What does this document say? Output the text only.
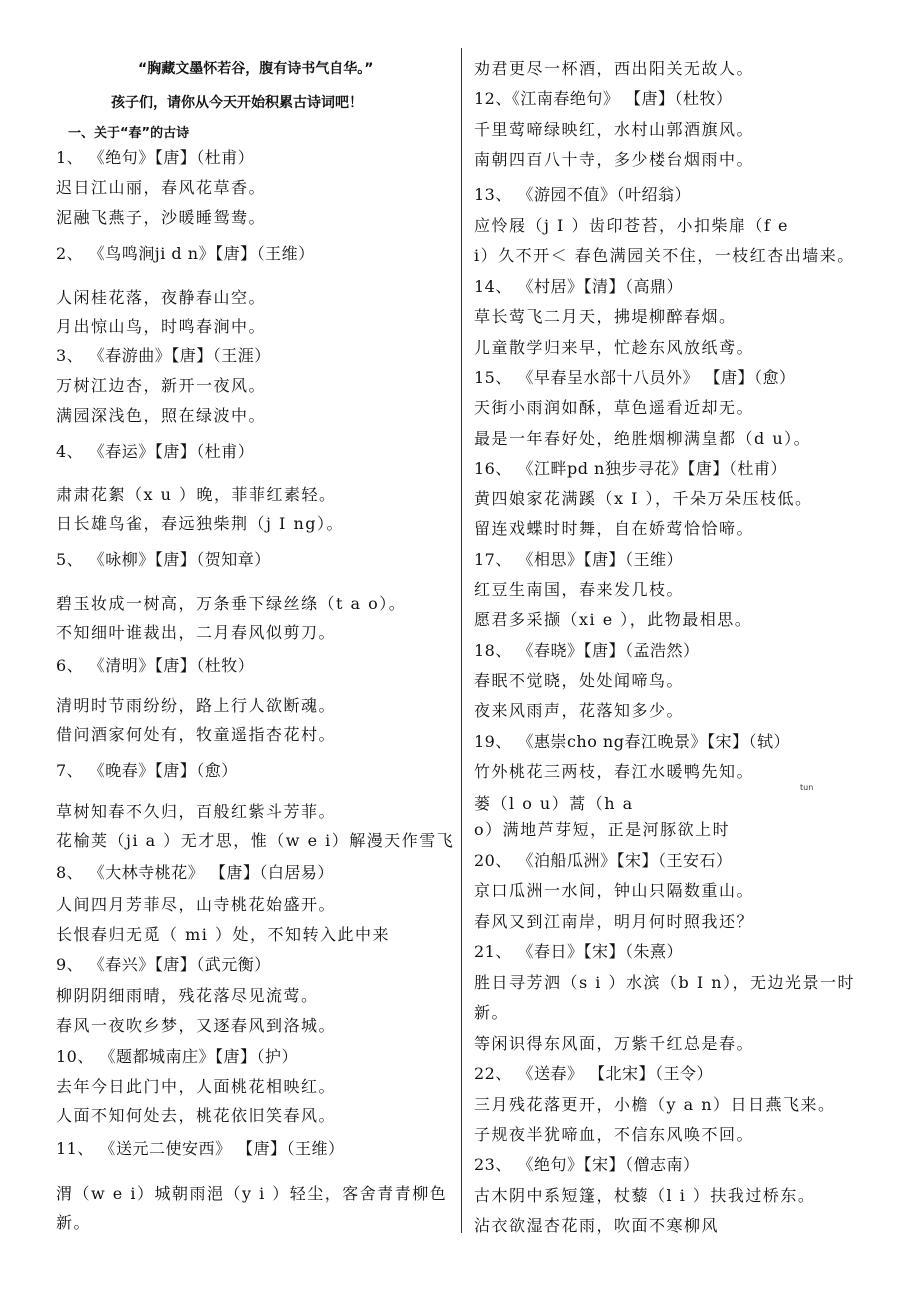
“胸藏文墨怀若谷，腹有诗书气自华。”
孩子们，请你从今天开始积累古诗词吧！
一、关于“春”的古诗
1、 《绝句》【唐】（杜甫）
迟日江山丽，春风花草香。
泥融飞燕子，沙暖睡鸳鸯。
2、 《鸟鸣涧ji d n》【唐】（王维）
人闲桂花落，夜静春山空。
月出惊山鸟，时鸣春涧中。
3、 《春游曲》【唐】（王涯）
万树江边杏，新开一夜风。
满园深浅色，照在绿波中。
4、 《春运》【唐】（杜甫）
肃肃花絮（x u ）晚，菲菲红素轻。
日长雄鸟雀，春远独柴荆（j I ng）。
5、 《咏柳》【唐】（贺知章）
碧玉妆成一树高，万条垂下绿丝绦（t a o）。
不知细叶谁裁出，二月春风似剪刀。
6、 《清明》【唐】（杜牧）
清明时节雨纷纷，路上行人欲断魂。
借问酒家何处有，牧童遥指杏花村。
7、 《晚春》【唐】（愈）
草树知春不久归，百般红紫斗芳菲。
花榆荚（ji a ）无才思，惟（w e i）解漫天作雪飞
8、 《大林寺桃花》 【唐】（白居易）
人间四月芳菲尽，山寺桃花始盛开。
长恨春归无觅（ mi ）处，不知转入此中来
9、 《春兴》【唐】（武元衡）
柳阴阴细雨晴，残花落尽见流莺。
春风一夜吹乡梦，又逐春风到洛城。
10、 《题都城南庄》【唐】（护）
去年今日此门中，人面桃花相映红。
人面不知何处去，桃花依旧笑春风。
11、 《送元二使安西》 【唐】（王维）
渭（w e i）城朝雨浥（y i ）轻尘，客舍青青柳色
新。
劝君更尽一杯酒，西出阳关无故人。
12、《江南春绝句》 【唐】（杜牧）
千里莺啼绿映红，水村山郭酒旗风。
南朝四百八十寺，多少楼台烟雨中。
13、 《游园不值》（叶绍翁）
应怜屐（j I ）齿印苍苔，小扣柴扉（f e
i）久不开＜ 春色满园关不住，一枝红杏出墙来。
14、 《村居》【清】（高鼎）
草长莺飞二月天，拂堤柳醉春烟。
儿童散学归来早，忙趁东风放纸鸢。
15、 《早春呈水部十八员外》 【唐】（愈）
天街小雨润如酥，草色遥看近却无。
最是一年春好处，绝胜烟柳满皇都（d u）。
16、 《江畔pd n独步寻花》【唐】（杜甫）
黄四娘家花满蹊（x I ），千朵万朵压枝低。
留连戏蝶时时舞，自在娇莺恰恰啼。
17、 《相思》【唐】（王维）
红豆生南国，春来发几枝。
愿君多采撷（xi e ），此物最相思。
18、 《春晓》【唐】（孟浩然）
春眠不觉晓，处处闻啼鸟。
夜来风雨声，花落知多少。
19、 《惠崇cho ng春江晚景》【宋】（轼）
竹外桃花三两枝，春江水暖鸭先知。
蒌（l o u）蒿（h a
o）满地芦芽短，正是河豚欲上时
20、 《泊船瓜洲》【宋】（王安石）
京口瓜洲一水间，钟山只隔数重山。
春风又到江南岸，明月何时照我还？
21、 《春日》【宋】（朱熹）
胜日寻芳泗（s i ）水滨（b I n），无边光景一时
新。
等闲识得东风面，万紫千红总是春。
22、 《送春》 【北宋】（王令）
三月残花落更开，小檐（y a n）日日燕飞来。
子规夜半犹啼血，不信东风唤不回。
23、 《绝句》【宋】（僧志南）
古木阴中系短篷，杖藜（l i ）扶我过桥东。
沾衣欲湿杏花雨，吹面不寒柳风
tun
